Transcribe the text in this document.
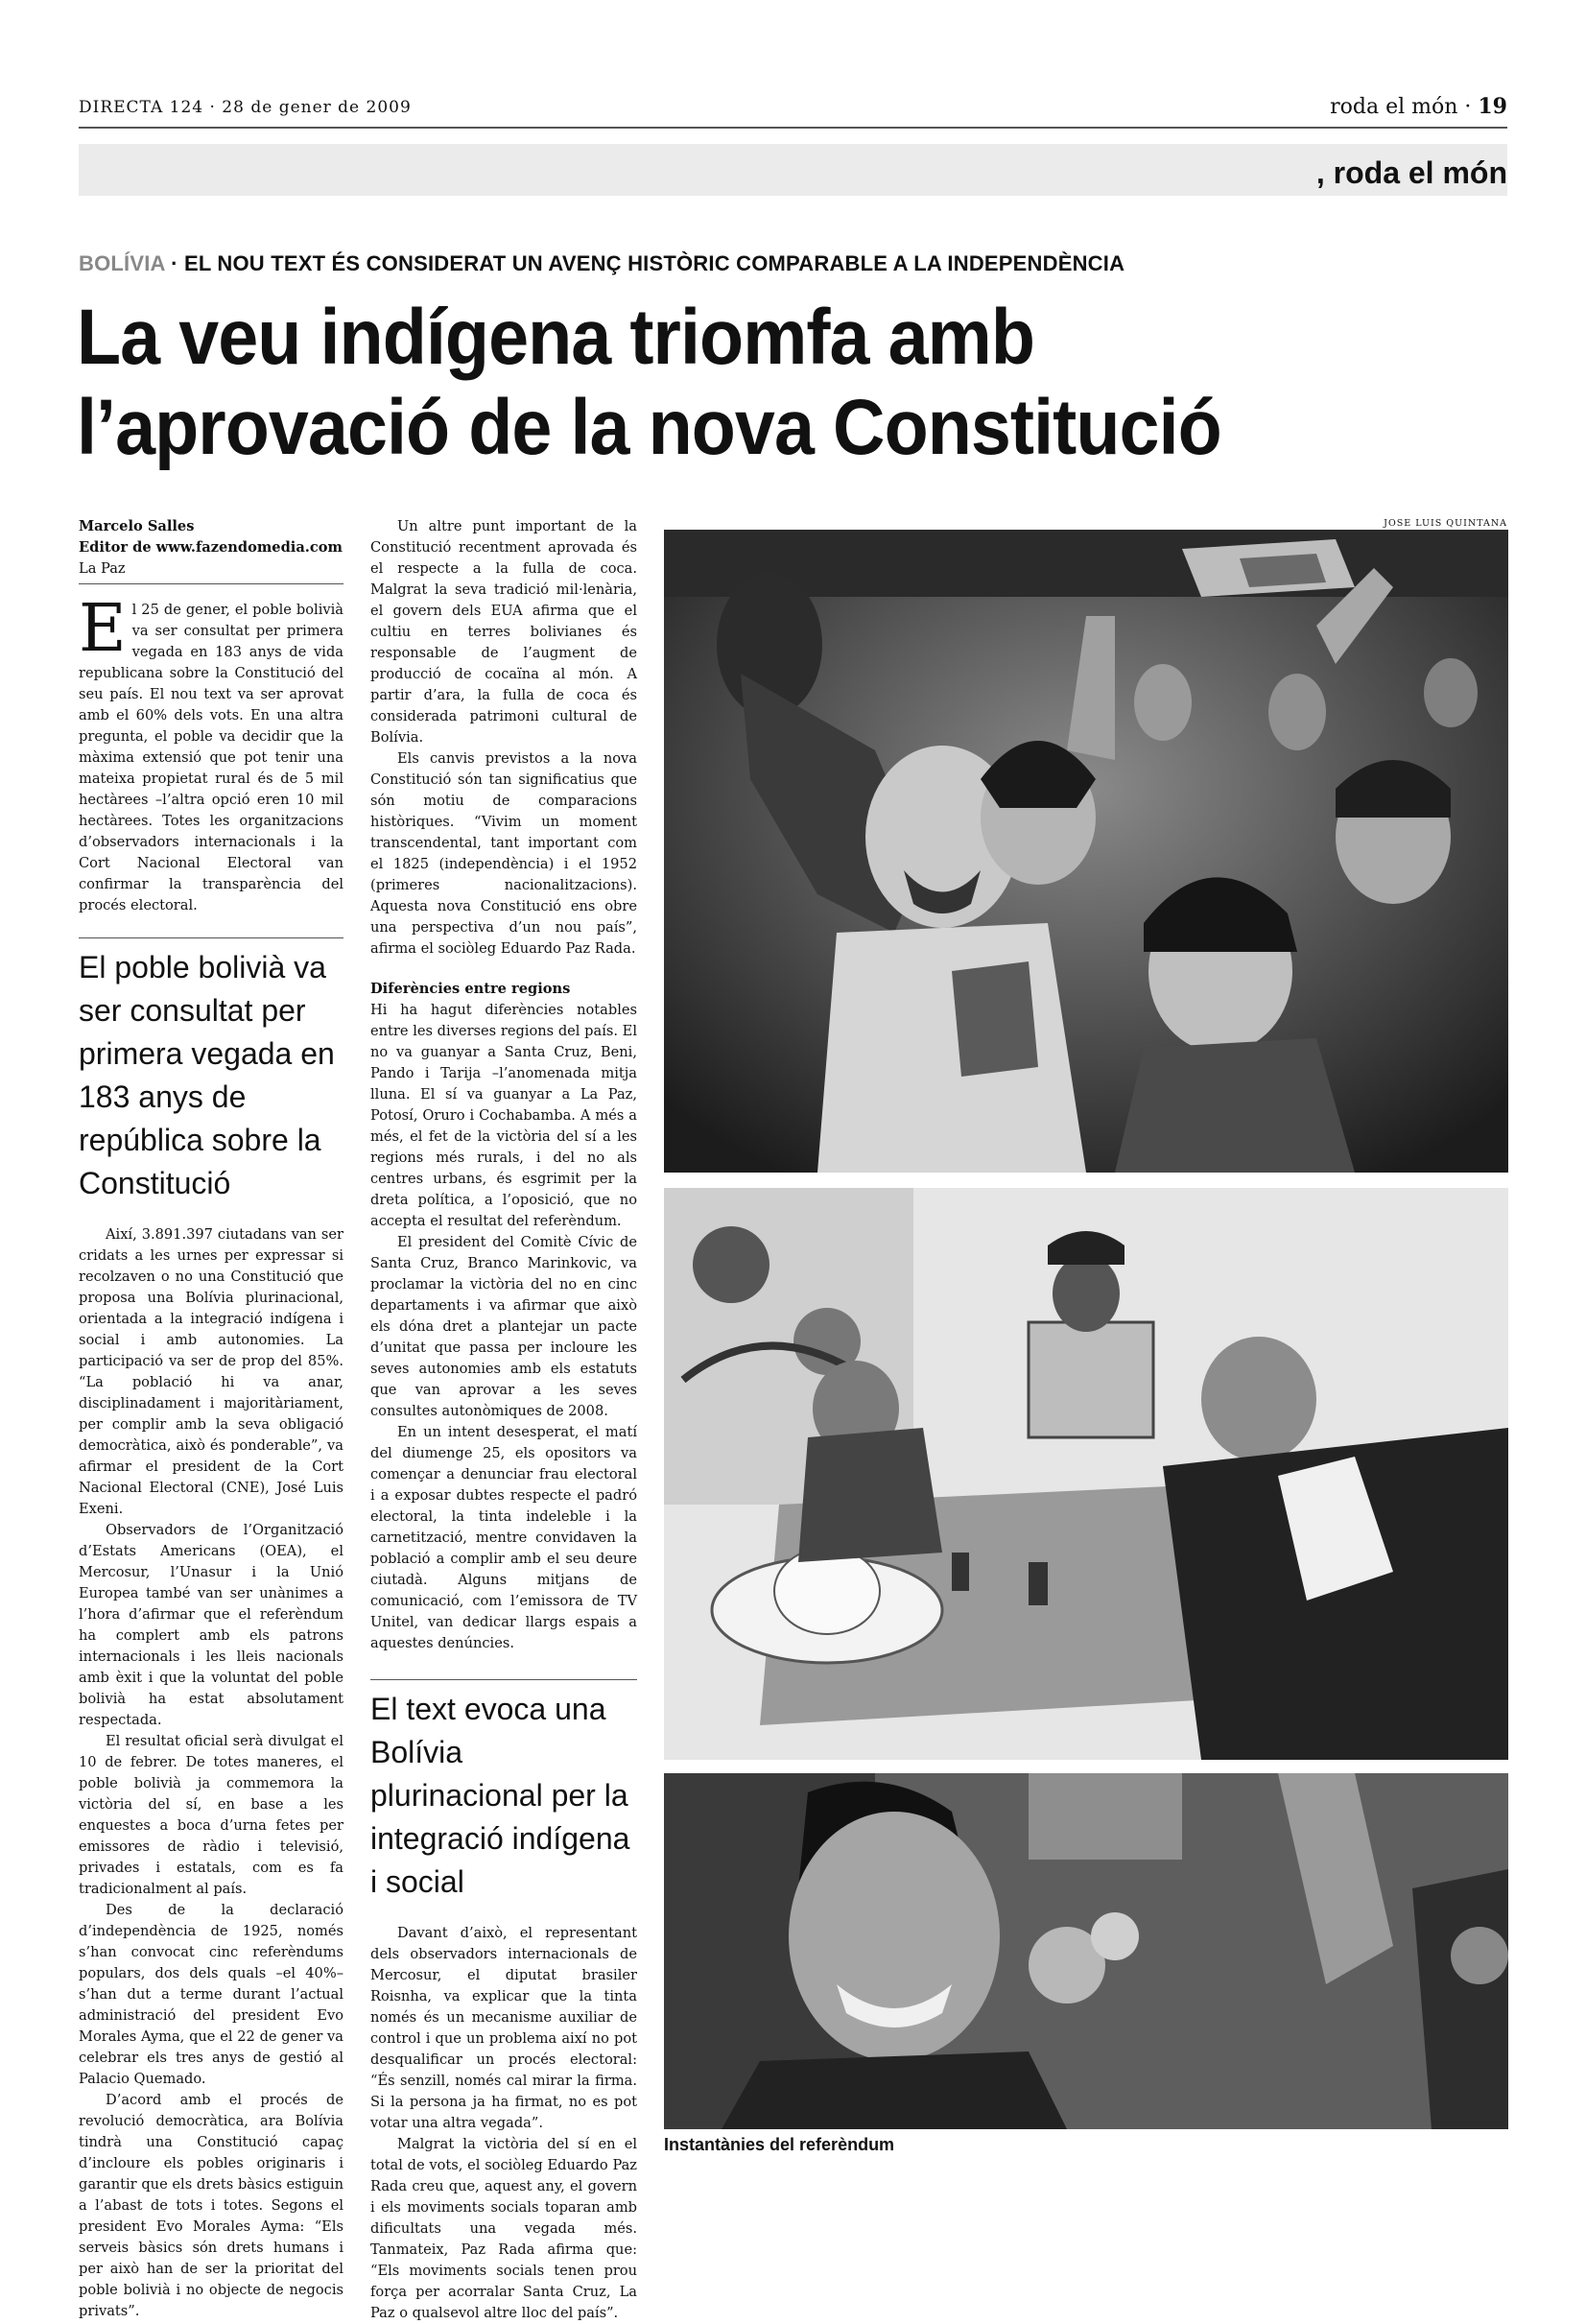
DIRECTA 124 · 28 de gener de 2009	roda el món · 19
, roda el món
BOLÍVIA · EL NOU TEXT ÉS CONSIDERAT UN AVENÇ HISTÒRIC COMPARABLE A LA INDEPENDÈNCIA
La veu indígena triomfa amb
l’aprovació de la nova Constitució
Marcelo Salles
Editor de www.fazendomedia.com
La Paz

El 25 de gener, el poble bolivià va ser consultat per primera vegada en 183 anys de vida republicana sobre la Constitució del seu país. El nou text va ser aprovat amb el 60% dels vots. En una altra pregunta, el poble va decidir que la màxima extensió que pot tenir una mateixa propietat rural és de 5 mil hectàrees –l’altra opció eren 10 mil hectàrees. Totes les organitzacions d’observadors internacionals i la Cort Nacional Electoral van confirmar la transparència del procés electoral.

El poble bolivià va ser consultat per primera vegada en 183 anys de república sobre la Constitució

Així, 3.891.397 ciutadans van ser cridats a les urnes per expressar si recolzaven o no una Constitució que proposa una Bolívia plurinacional, orientada a la integració indígena i social i amb autonomies. La participació va ser de prop del 85%. “La població hi va anar, disciplinadament i majoritàriament, per complir amb la seva obligació democràtica, això és ponderable”, va afirmar el president de la Cort Nacional Electoral (CNE), José Luis Exeni.

Observadors de l’Organització d’Estats Americans (OEA), el Mercosur, l’Unasur i la Unió Europea també van ser unànimes a l’hora d’afirmar que el referèndum ha complert amb els patrons internacionals i les lleis nacionals amb èxit i que la voluntat del poble bolivià ha estat absolutament respectada.

El resultat oficial serà divulgat el 10 de febrer. De totes maneres, el poble bolivià ja commemora la victòria del sí, en base a les enquestes a boca d’urna fetes per emissores de ràdio i televisió, privades i estatals, com es fa tradicionalment al país.

Des de la declaració d’independència de 1925, només s’han convocat cinc referèndums populars, dos dels quals –el 40%– s’han dut a terme durant l’actual administració del president Evo Morales Ayma, que el 22 de gener va celebrar els tres anys de gestió al Palacio Quemado.

D’acord amb el procés de revolució democràtica, ara Bolívia tindrà una Constitució capaç d’incloure els pobles originaris i garantir que els drets bàsics estiguin a l’abast de tots i totes. Segons el president Evo Morales Ayma: “Els serveis bàsics són drets humans i per això han de ser la prioritat del poble bolivià i no objecte de negocis privats”.

Un altre punt important de la Constitució recentment aprovada és el respecte a la fulla de coca. Malgrat la seva tradició mil·lenària, el govern dels EUA afirma que el cultiu en terres bolivianes és responsable de l’augment de producció de cocaïna al món. A partir d’ara, la fulla de coca és considerada patrimoni cultural de Bolívia.

Els canvis previstos a la nova Constitució són tan significatius que són motiu de comparacions històriques. “Vivim un moment transcendental, tant important com el 1825 (independència) i el 1952 (primeres nacionalitzacions). Aquesta nova Constitució ens obre una perspectiva d’un nou país”, afirma el sociòleg Eduardo Paz Rada.

Diferències entre regions

Hi ha hagut diferències notables entre les diverses regions del país. El no va guanyar a Santa Cruz, Beni, Pando i Tarija –l’anomenada mitja lluna. El sí va guanyar a La Paz, Potosí, Oruro i Cochabamba. A més a més, el fet de la victòria del sí a les regions més rurals, i del no als centres urbans, és esgrimit per la dreta política, a l’oposició, que no accepta el resultat del referèndum.

El president del Comitè Cívic de Santa Cruz, Branco Marinkovic, va proclamar la victòria del no en cinc departaments i va afirmar que això els dóna dret a plantejar un pacte d’unitat que passa per incloure les seves autonomies amb els estatuts que van aprovar a les seves consultes autonòmiques de 2008.

En un intent desesperat, el matí del diumenge 25, els opositors va començar a denunciar frau electoral i a exposar dubtes respecte el padró electoral, la tinta indeleble i la carnetització, mentre convidaven la població a complir amb el seu deure ciutadà. Alguns mitjans de comunicació, com l’emissora de TV Unitel, van dedicar llargs espais a aquestes denúncies.

El text evoca una Bolívia plurinacional per la integració indígena i social

Davant d’això, el representant dels observadors internacionals de Mercosur, el diputat brasiler Roisnha, va explicar que la tinta només és un mecanisme auxiliar de control i que un problema així no pot desqualificar un procés electoral: “És senzill, només cal mirar la firma. Si la persona ja ha firmat, no es pot votar una altra vegada”.

Malgrat la victòria del sí en el total de vots, el sociòleg Eduardo Paz Rada creu que, aquest any, el govern i els moviments socials toparan amb dificultats una vegada més. Tanmateix, Paz Rada afirma que: “Els moviments socials tenen prou força per acorralar Santa Cruz, La Paz o qualsevol altre lloc del país”.

JOSE LUIS QUINTANA
Instantànies del referèndum
